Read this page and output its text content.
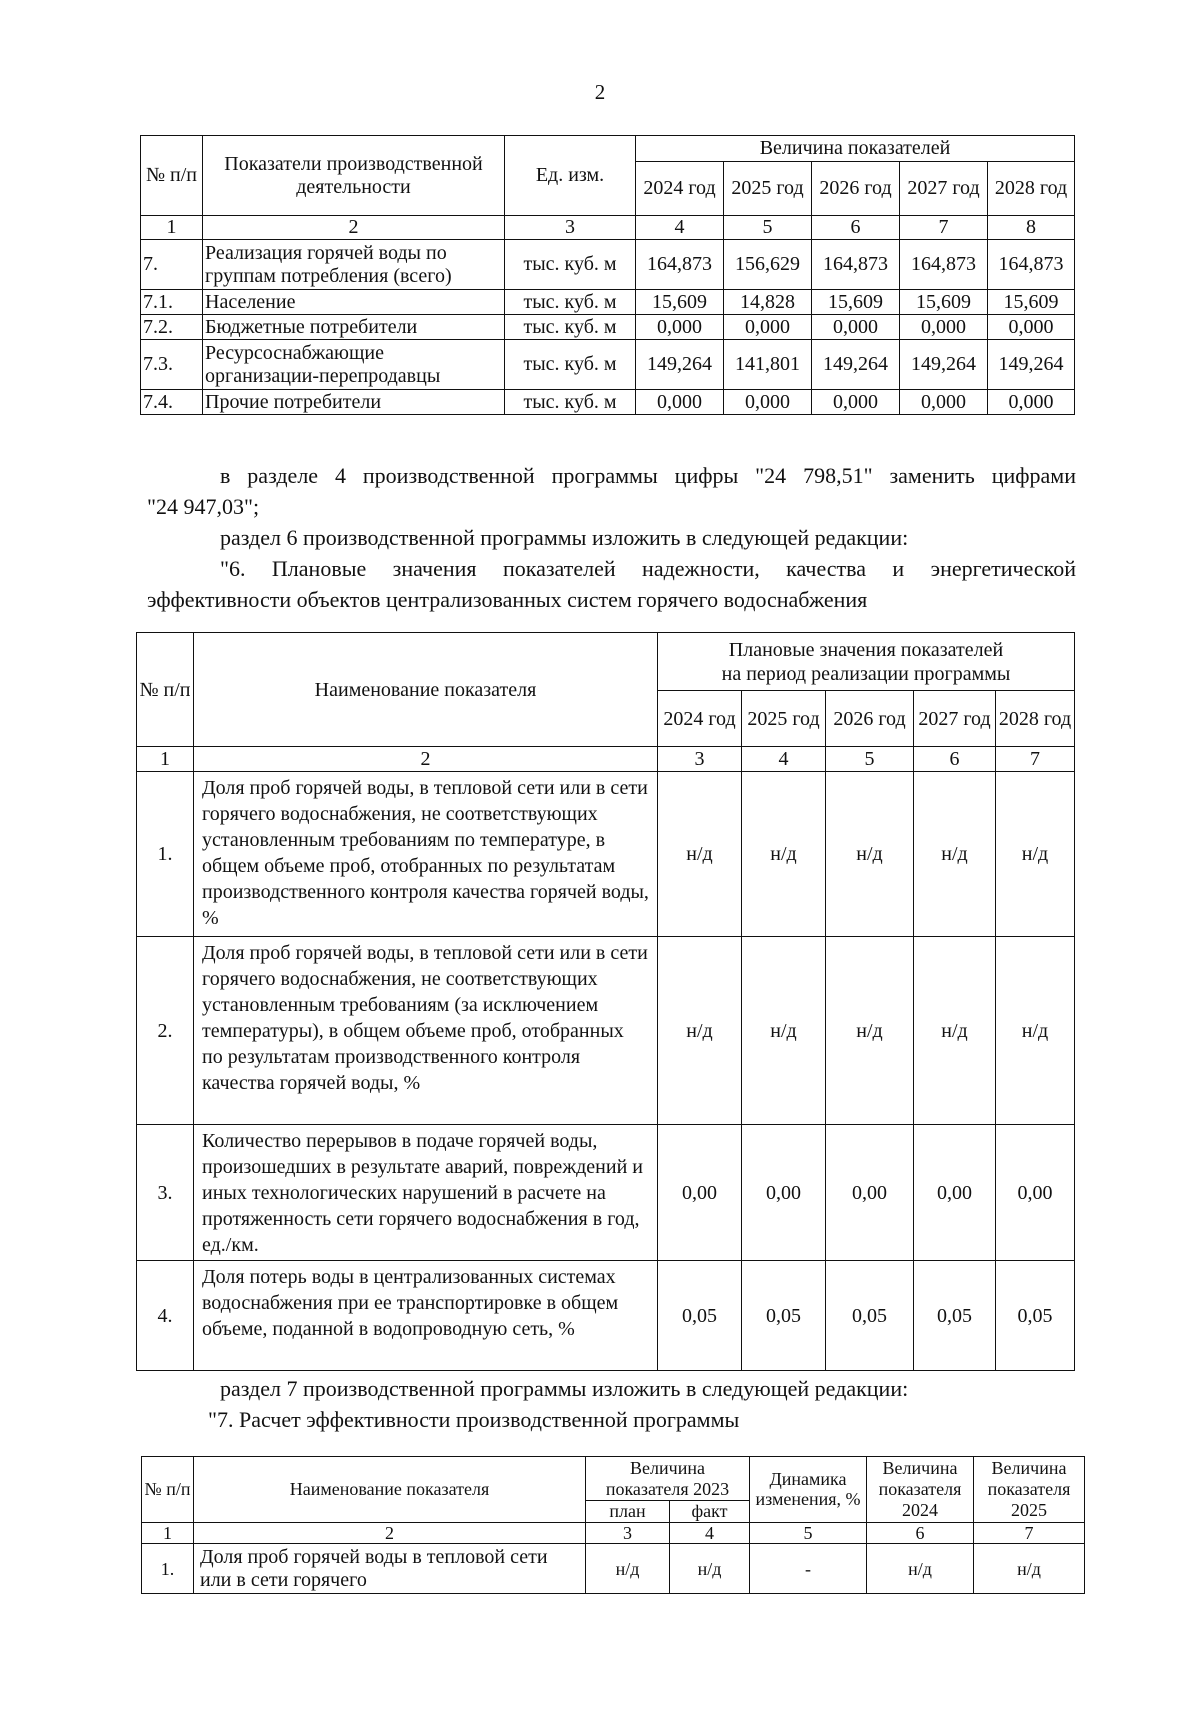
2
№ п/п	Показатели производственной деятельности	Ед. изм.	Величина показателей				
			2024 год	2025 год	2026 год	2027 год	2028 год
1	2	3	4	5	6	7	8
7.	Реализация горячей воды по группам потребления (всего)	тыс. куб. м	164,873	156,629	164,873	164,873	164,873
7.1.	Население	тыс. куб. м	15,609	14,828	15,609	15,609	15,609
7.2.	Бюджетные потребители	тыс. куб. м	0,000	0,000	0,000	0,000	0,000
7.3.	Ресурсоснабжающие организации-перепродавцы	тыс. куб. м	149,264	141,801	149,264	149,264	149,264
7.4.	Прочие потребители	тыс. куб. м	0,000	0,000	0,000	0,000	0,000

в разделе 4 производственной программы цифры "24 798,51" заменить цифрами

"24 947,03";

раздел 6 производственной программы изложить в следующей редакции:

"6. Плановые значения показателей надежности, качества и энергетической

эффективности объектов централизованных систем горячего водоснабжения

№ п/п	Наименование показателя	Плановые значения показателей
на период реализации программы				

		2024 год	2025 год	2026 год	2027 год	2028 год
1	2	3	4	5	6	7
1.	Доля проб горячей воды, в тепловой сети или в сети горячего водоснабжения, не соответствующих установленным требованиям по температуре, в общем объеме проб, отобранных по результатам производственного контроля качества горячей воды, %	н/д	н/д	н/д	н/д	н/д
2.	Доля проб горячей воды, в тепловой сети или в сети горячего водоснабжения, не соответствующих установленным требованиям (за исключением температуры), в общем объеме проб, отобранных по результатам производственного контроля качества горячей воды, %	н/д	н/д	н/д	н/д	н/д
3.	Количество перерывов в подаче горячей воды, произошедших в результате аварий, повреждений и иных технологических нарушений в расчете на протяженность сети горячего водоснабжения в год, ед./км.	0,00	0,00	0,00	0,00	0,00
4.	Доля потерь воды в централизованных системах водоснабжения при ее транспортировке в общем объеме, поданной в водопроводную сеть, %	0,05	0,05	0,05	0,05	0,05

раздел 7 производственной программы изложить в следующей редакции:

"7. Расчет эффективности производственной программы

№ п/п	Наименование показателя	Величина показателя 2023		Динамика изменения, %	Величина показателя 2024	Величина показателя 2025
		план	факт			
1	2	3	4	5	6	7
1.	Доля проб горячей воды в тепловой сети или в сети горячего	н/д	н/д	-	н/д	н/д
